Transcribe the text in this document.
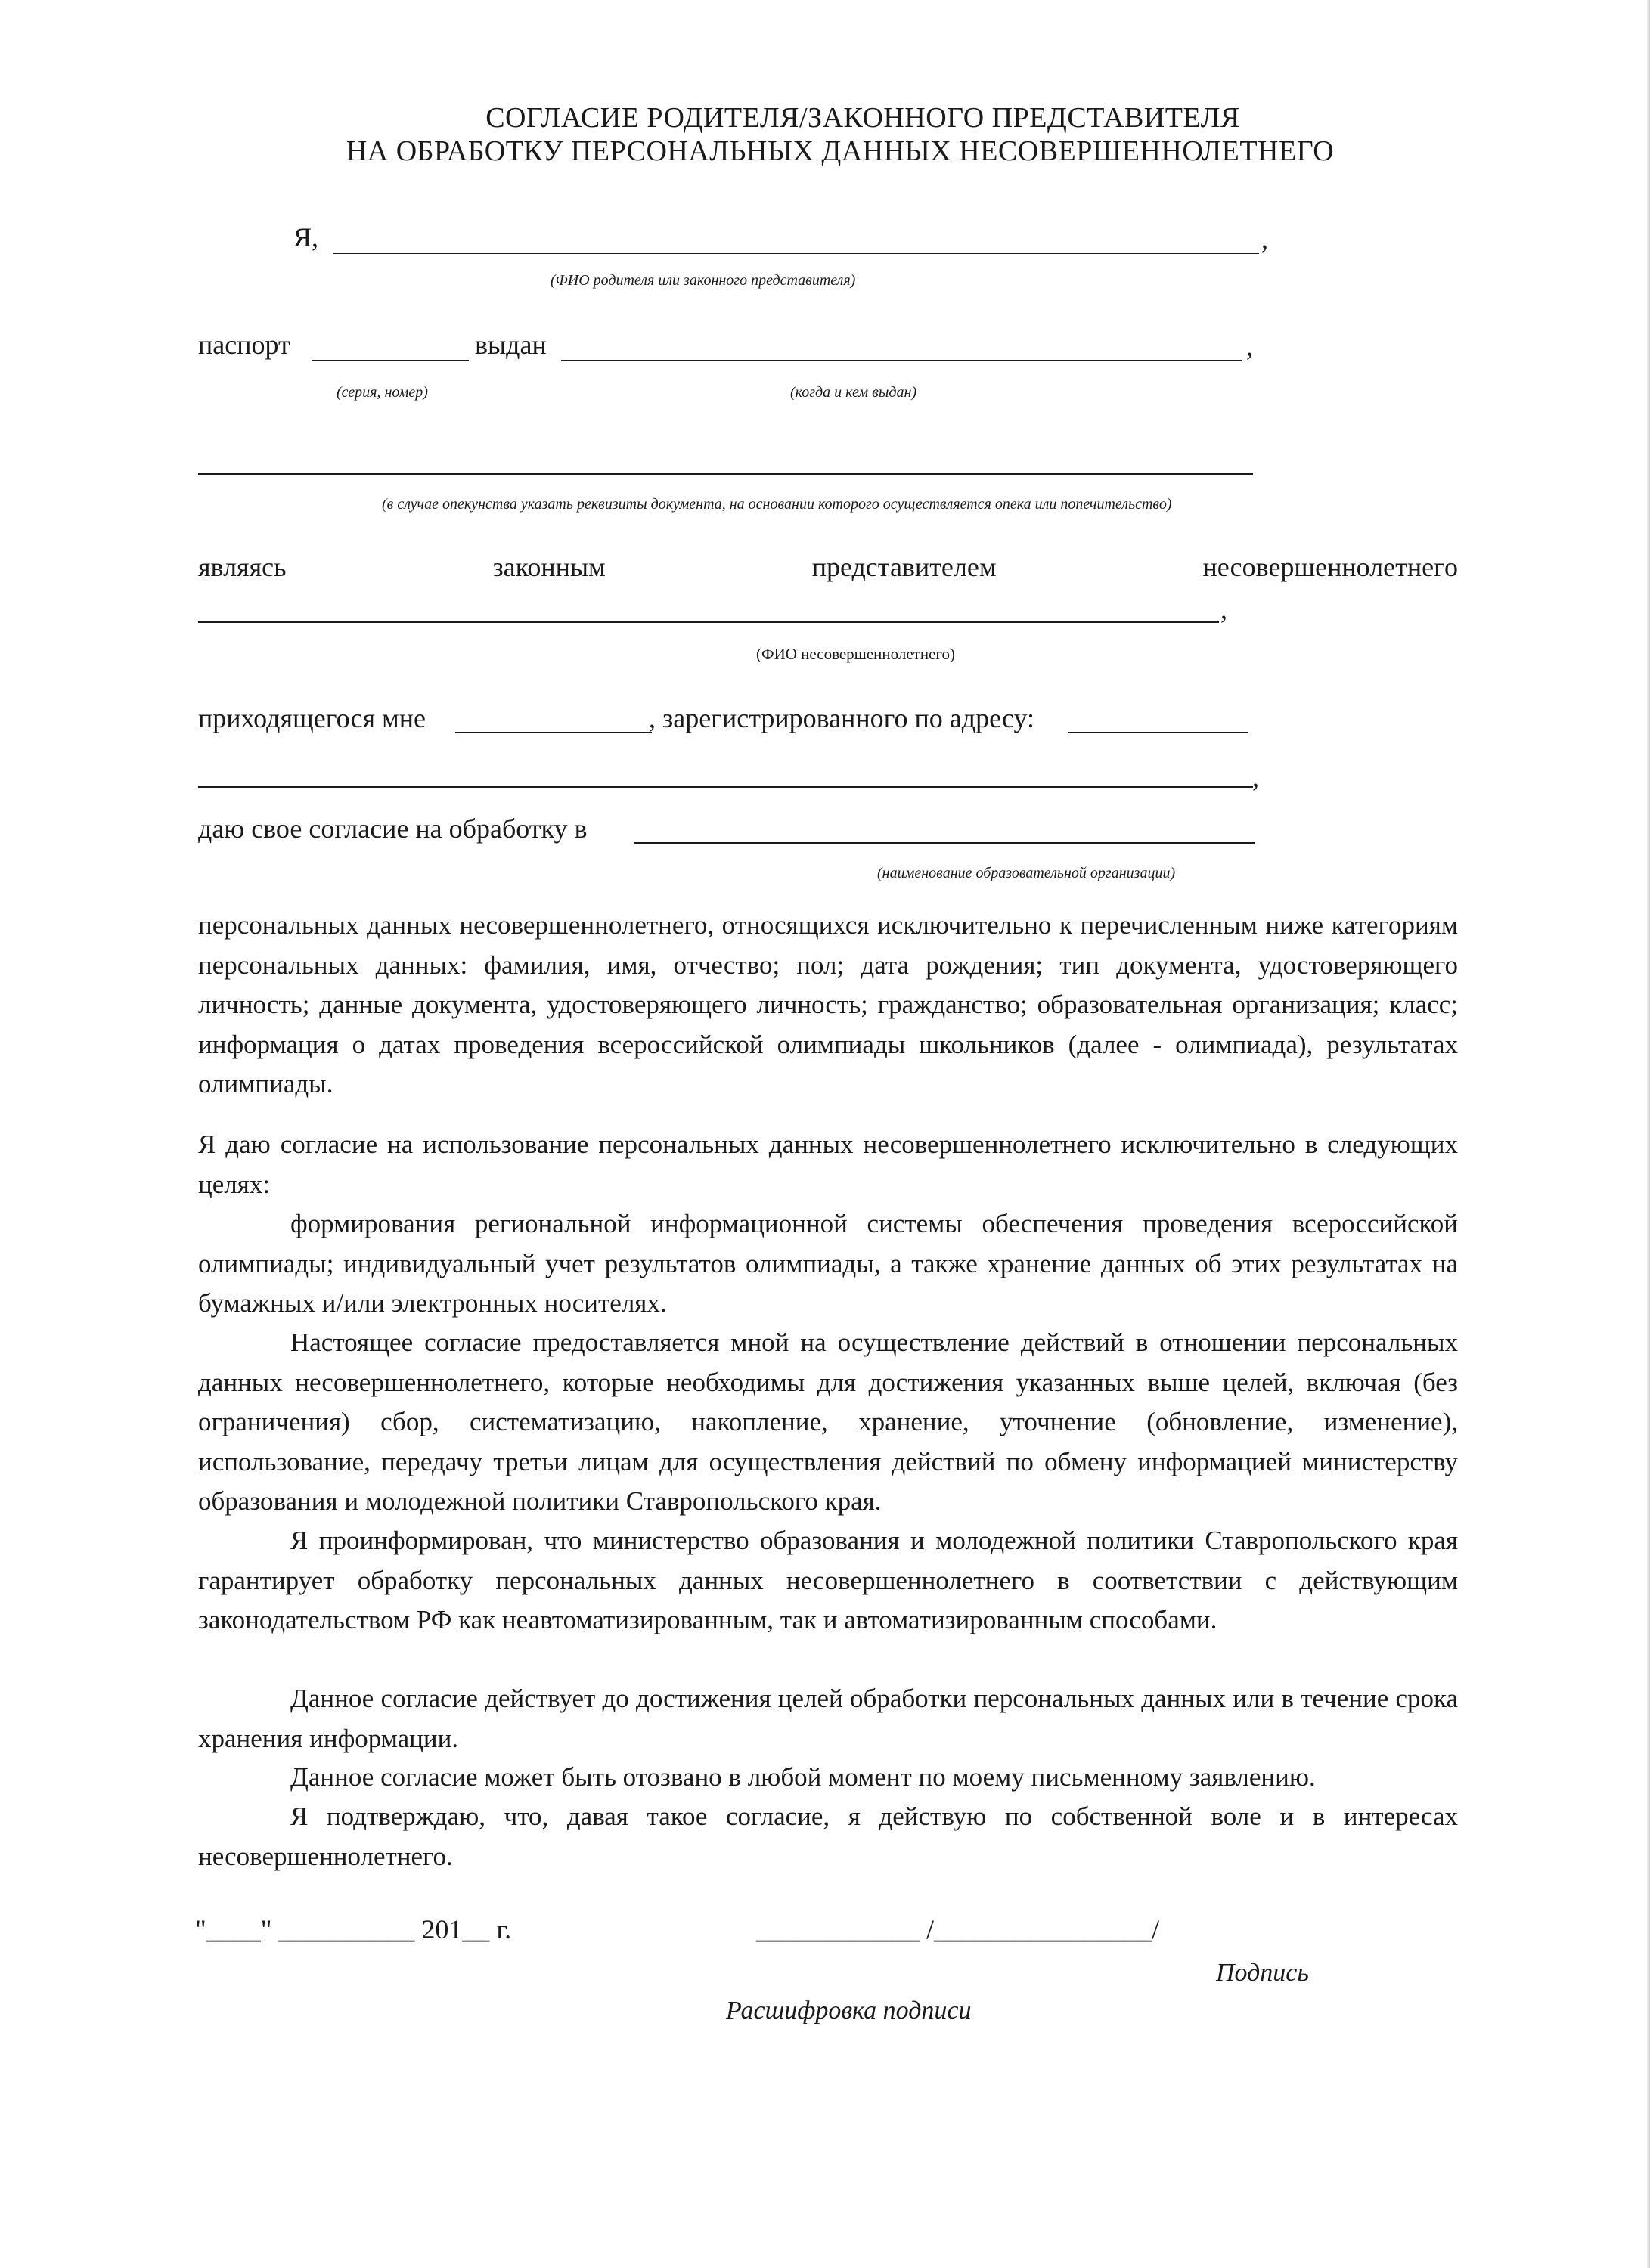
СОГЛАСИЕ РОДИТЕЛЯ/ЗАКОННОГО ПРЕДСТАВИТЕЛЯ
НА ОБРАБОТКУ ПЕРСОНАЛЬНЫХ ДАННЫХ НЕСОВЕРШЕННОЛЕТНЕГО
Я,	,
(ФИО родителя или законного представителя)
паспорт	выдан	,
(серия, номер)	(когда и кем выдан)
(в случае опекунства указать реквизиты документа, на основании которого осуществляется опека или попечительство)
являясь	законным	представителем	несовершеннолетнего
,
(ФИО несовершеннолетнего)
приходящегося мне	, зарегистрированного по адресу:
,
даю свое согласие на обработку в
(наименование образовательной организации)
персональных данных несовершеннолетнего, относящихся исключительно к перечисленным ниже категориям персональных данных: фамилия, имя, отчество; пол; дата рождения; тип документа, удостоверяющего личность; данные документа, удостоверяющего личность; гражданство; образовательная организация; класс; информация о датах проведения всероссийской олимпиады школьников (далее - олимпиада), результатах олимпиады.
Я даю согласие на использование персональных данных несовершеннолетнего исключительно в следующих целях:
формирования региональной информационной системы обеспечения проведения всероссийской олимпиады; индивидуальный учет результатов олимпиады, а также хранение данных об этих результатах на бумажных и/или электронных носителях.
Настоящее согласие предоставляется мной на осуществление действий в отношении персональных данных несовершеннолетнего, которые необходимы для достижения указанных выше целей, включая (без ограничения) сбор, систематизацию, накопление, хранение, уточнение (обновление, изменение), использование, передачу третьи лицам для осуществления действий по обмену информацией министерству образования и молодежной политики Ставропольского края.
Я проинформирован, что министерство образования и молодежной политики Ставропольского края гарантирует обработку персональных данных несовершеннолетнего в соответствии с действующим законодательством РФ как неавтоматизированным, так и автоматизированным способами.
Данное согласие действует до достижения целей обработки персональных данных или в течение срока хранения информации.
Данное согласие может быть отозвано в любой момент по моему письменному заявлению.
Я подтверждаю, что, давая такое согласие, я действую по собственной воле и в интересах несовершеннолетнего.
"____" __________ 201__ г.	____________ /________________/
Подпись
Расшифровка подписи
